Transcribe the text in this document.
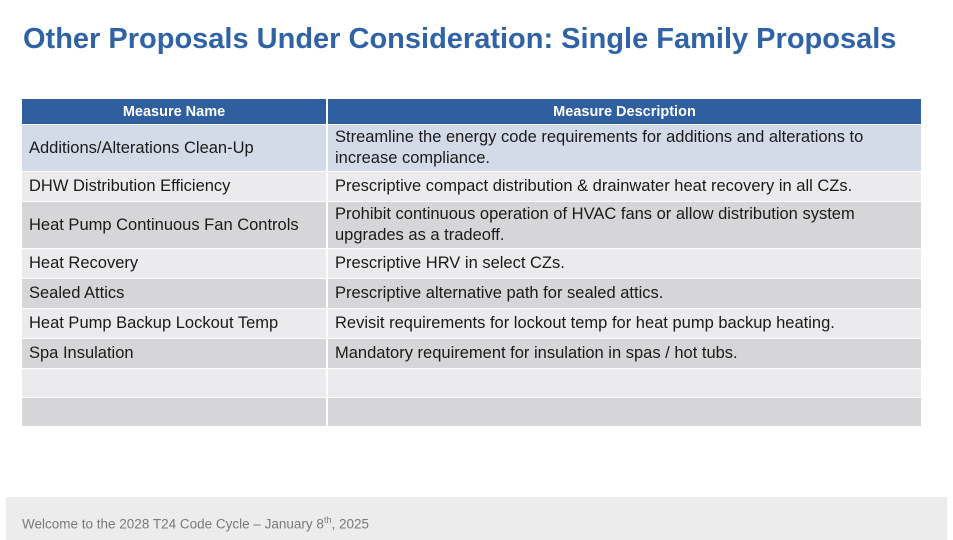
Other Proposals Under Consideration: Single Family Proposals
Measure Name	Measure Description
Additions/Alterations Clean-Up	Streamline the energy code requirements for additions and alterations to increase compliance.
DHW Distribution Efficiency	Prescriptive compact distribution & drainwater heat recovery in all CZs.
Heat Pump Continuous Fan Controls	Prohibit continuous operation of HVAC fans or allow distribution system upgrades as a tradeoff.
Heat Recovery	Prescriptive HRV in select CZs.
Sealed Attics	Prescriptive alternative path for sealed attics.
Heat Pump Backup Lockout Temp	Revisit requirements for lockout temp for heat pump backup heating.
Spa Insulation	Mandatory requirement for insulation in spas / hot tubs.

Welcome to the 2028 T24 Code Cycle – January 8th, 2025
